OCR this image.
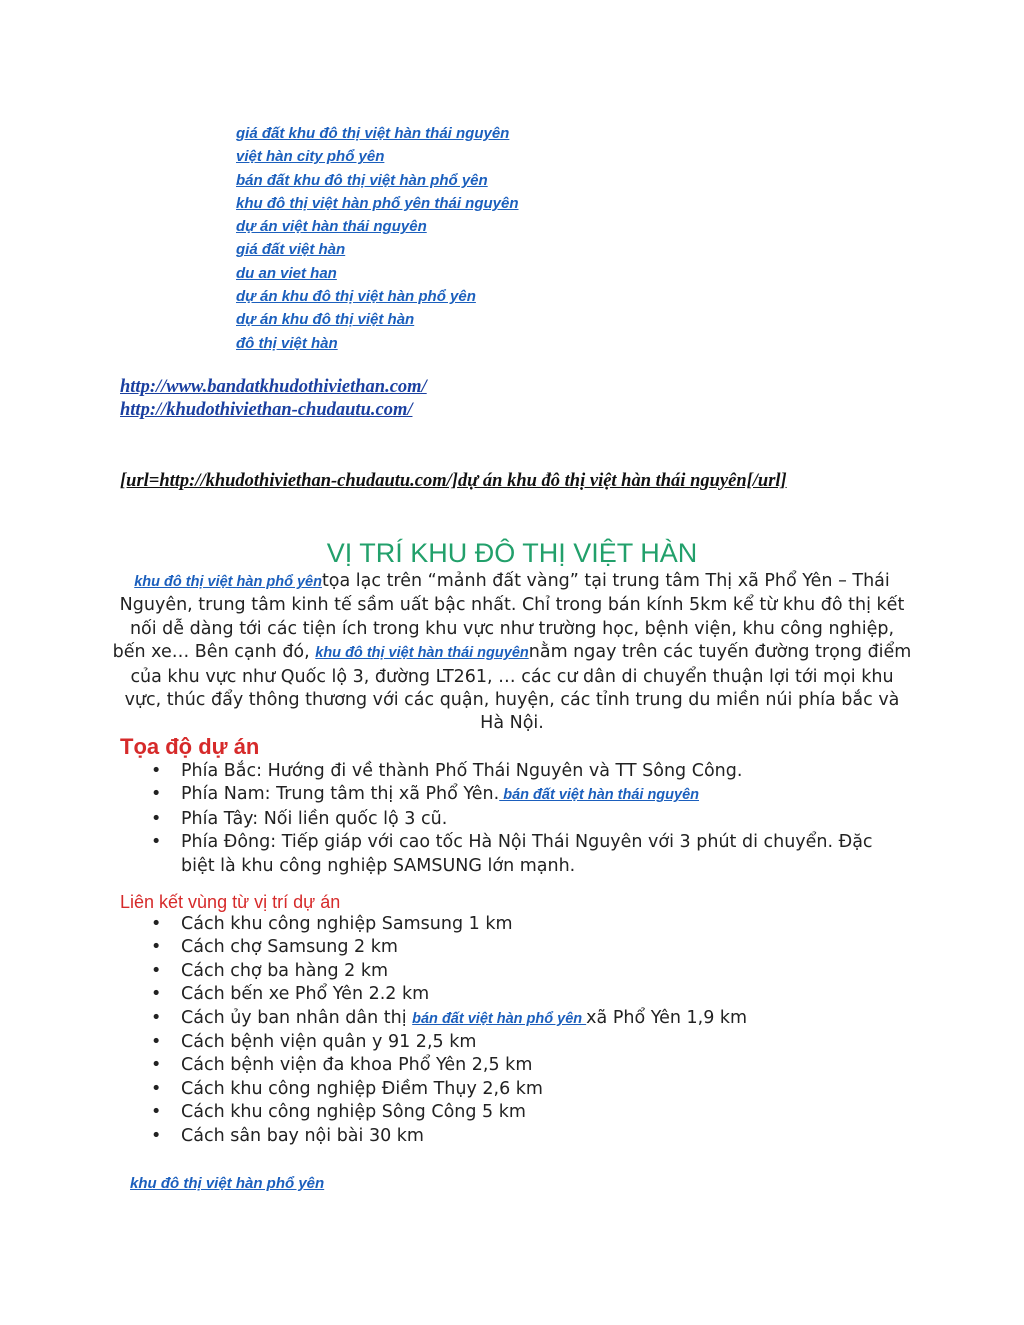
giá đất khu đô thị việt hàn thái nguyên
việt hàn city phổ yên
bán đất khu đô thị việt hàn phổ yên
khu đô thị việt hàn phổ yên thái nguyên
dự án việt hàn thái nguyên
giá đất việt hàn
du an viet han
dự án khu đô thị việt hàn phổ yên
dự án khu đô thị việt hàn
đô thị việt hàn
http://www.bandatkhudothiviethan.com/
http://khudothiviethan-chudautu.com/
[url=http://khudothiviethan-chudautu.com/]dự án khu đô thị việt hàn thái nguyên[/url]
VỊ TRÍ KHU ĐÔ THỊ VIỆT HÀN
khu đô thị việt hàn phổ yêntọa lạc trên “mảnh đất vàng” tại trung tâm Thị xã Phổ Yên – Thái Nguyên, trung tâm kinh tế sầm uất bậc nhất. Chỉ trong bán kính 5km kể từ khu đô thị kết nối dễ dàng tới các tiện ích trong khu vực như trường học, bệnh viện, khu công nghiệp, bến xe… Bên cạnh đó, khu đô thị việt hàn thái nguyênnằm ngay trên các tuyến đường trọng điểm của khu vực như Quốc lộ 3, đường LT261, … các cư dân di chuyển thuận lợi tới mọi khu vực, thúc đẩy thông thương với các quận, huyện, các tỉnh trung du miền núi phía bắc và Hà Nội.
Tọa độ dự án
• Phía Bắc: Hướng đi về thành Phố Thái Nguyên và TT Sông Công.
• Phía Nam: Trung tâm thị xã Phổ Yên. bán đất việt hàn thái nguyên
• Phía Tây: Nối liền quốc lộ 3 cũ.
• Phía Đông: Tiếp giáp với cao tốc Hà Nội Thái Nguyên với 3 phút di chuyển. Đặc biệt là khu công nghiệp SAMSUNG lớn mạnh.
Liên kết vùng từ vị trí dự án
• Cách khu công nghiệp Samsung 1 km
• Cách chợ Samsung 2 km
• Cách chợ ba hàng 2 km
• Cách bến xe Phổ Yên 2.2 km
• Cách ủy ban nhân dân thị bán đất việt hàn phổ yên xã Phổ Yên 1,9 km
• Cách bệnh viện quân y 91 2,5 km
• Cách bệnh viện đa khoa Phổ Yên 2,5 km
• Cách khu công nghiệp Điềm Thụy 2,6 km
• Cách khu công nghiệp Sông Công 5 km
• Cách sân bay nội bài 30 km
khu đô thị việt hàn phổ yên
